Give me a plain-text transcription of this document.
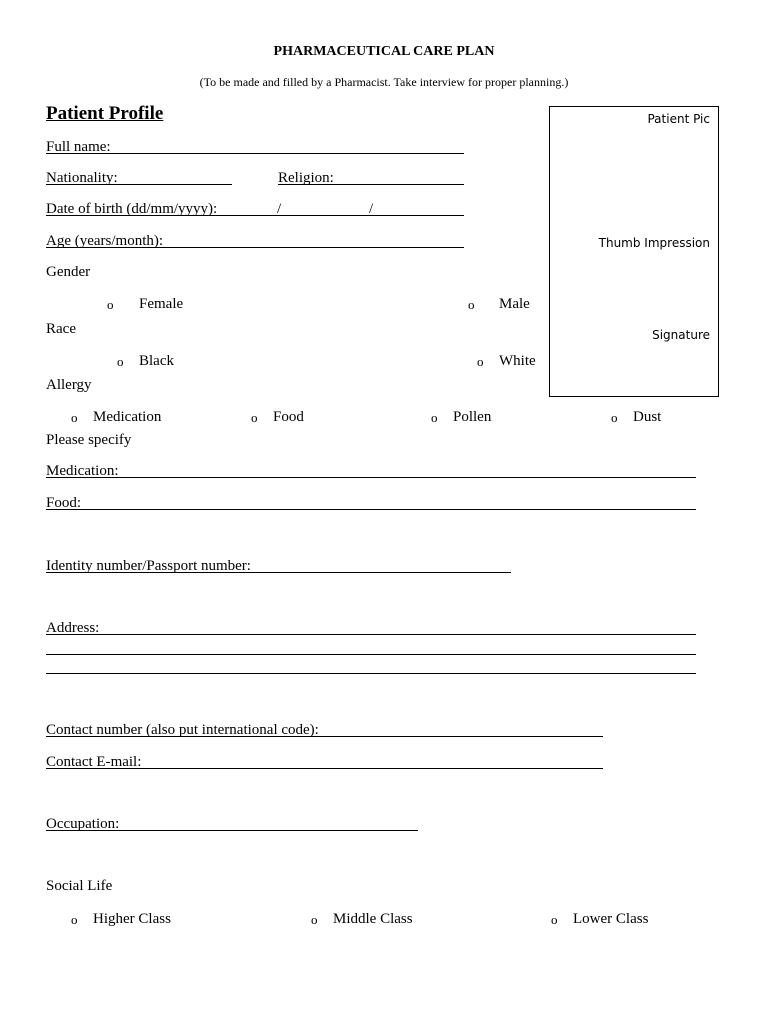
PHARMACEUTICAL CARE PLAN
(To be made and filled by a Pharmacist. Take interview for proper planning.)
Patient Profile	Patient Pic
Thumb Impression
Signature
Full name:
Nationality:	Religion:
Date of birth (dd/mm/yyyy):	/	/
Age (years/month):
Gender
o Female	o Male
Race
o Black	o White
Allergy
o Medication	o Food	o Pollen	o Dust
Please specify
Medication:
Food:
Identity number/Passport number:
Address:
Contact number (also put international code):
Contact E-mail:
Occupation:
Social Life
o Higher Class	o Middle Class	o Lower Class
